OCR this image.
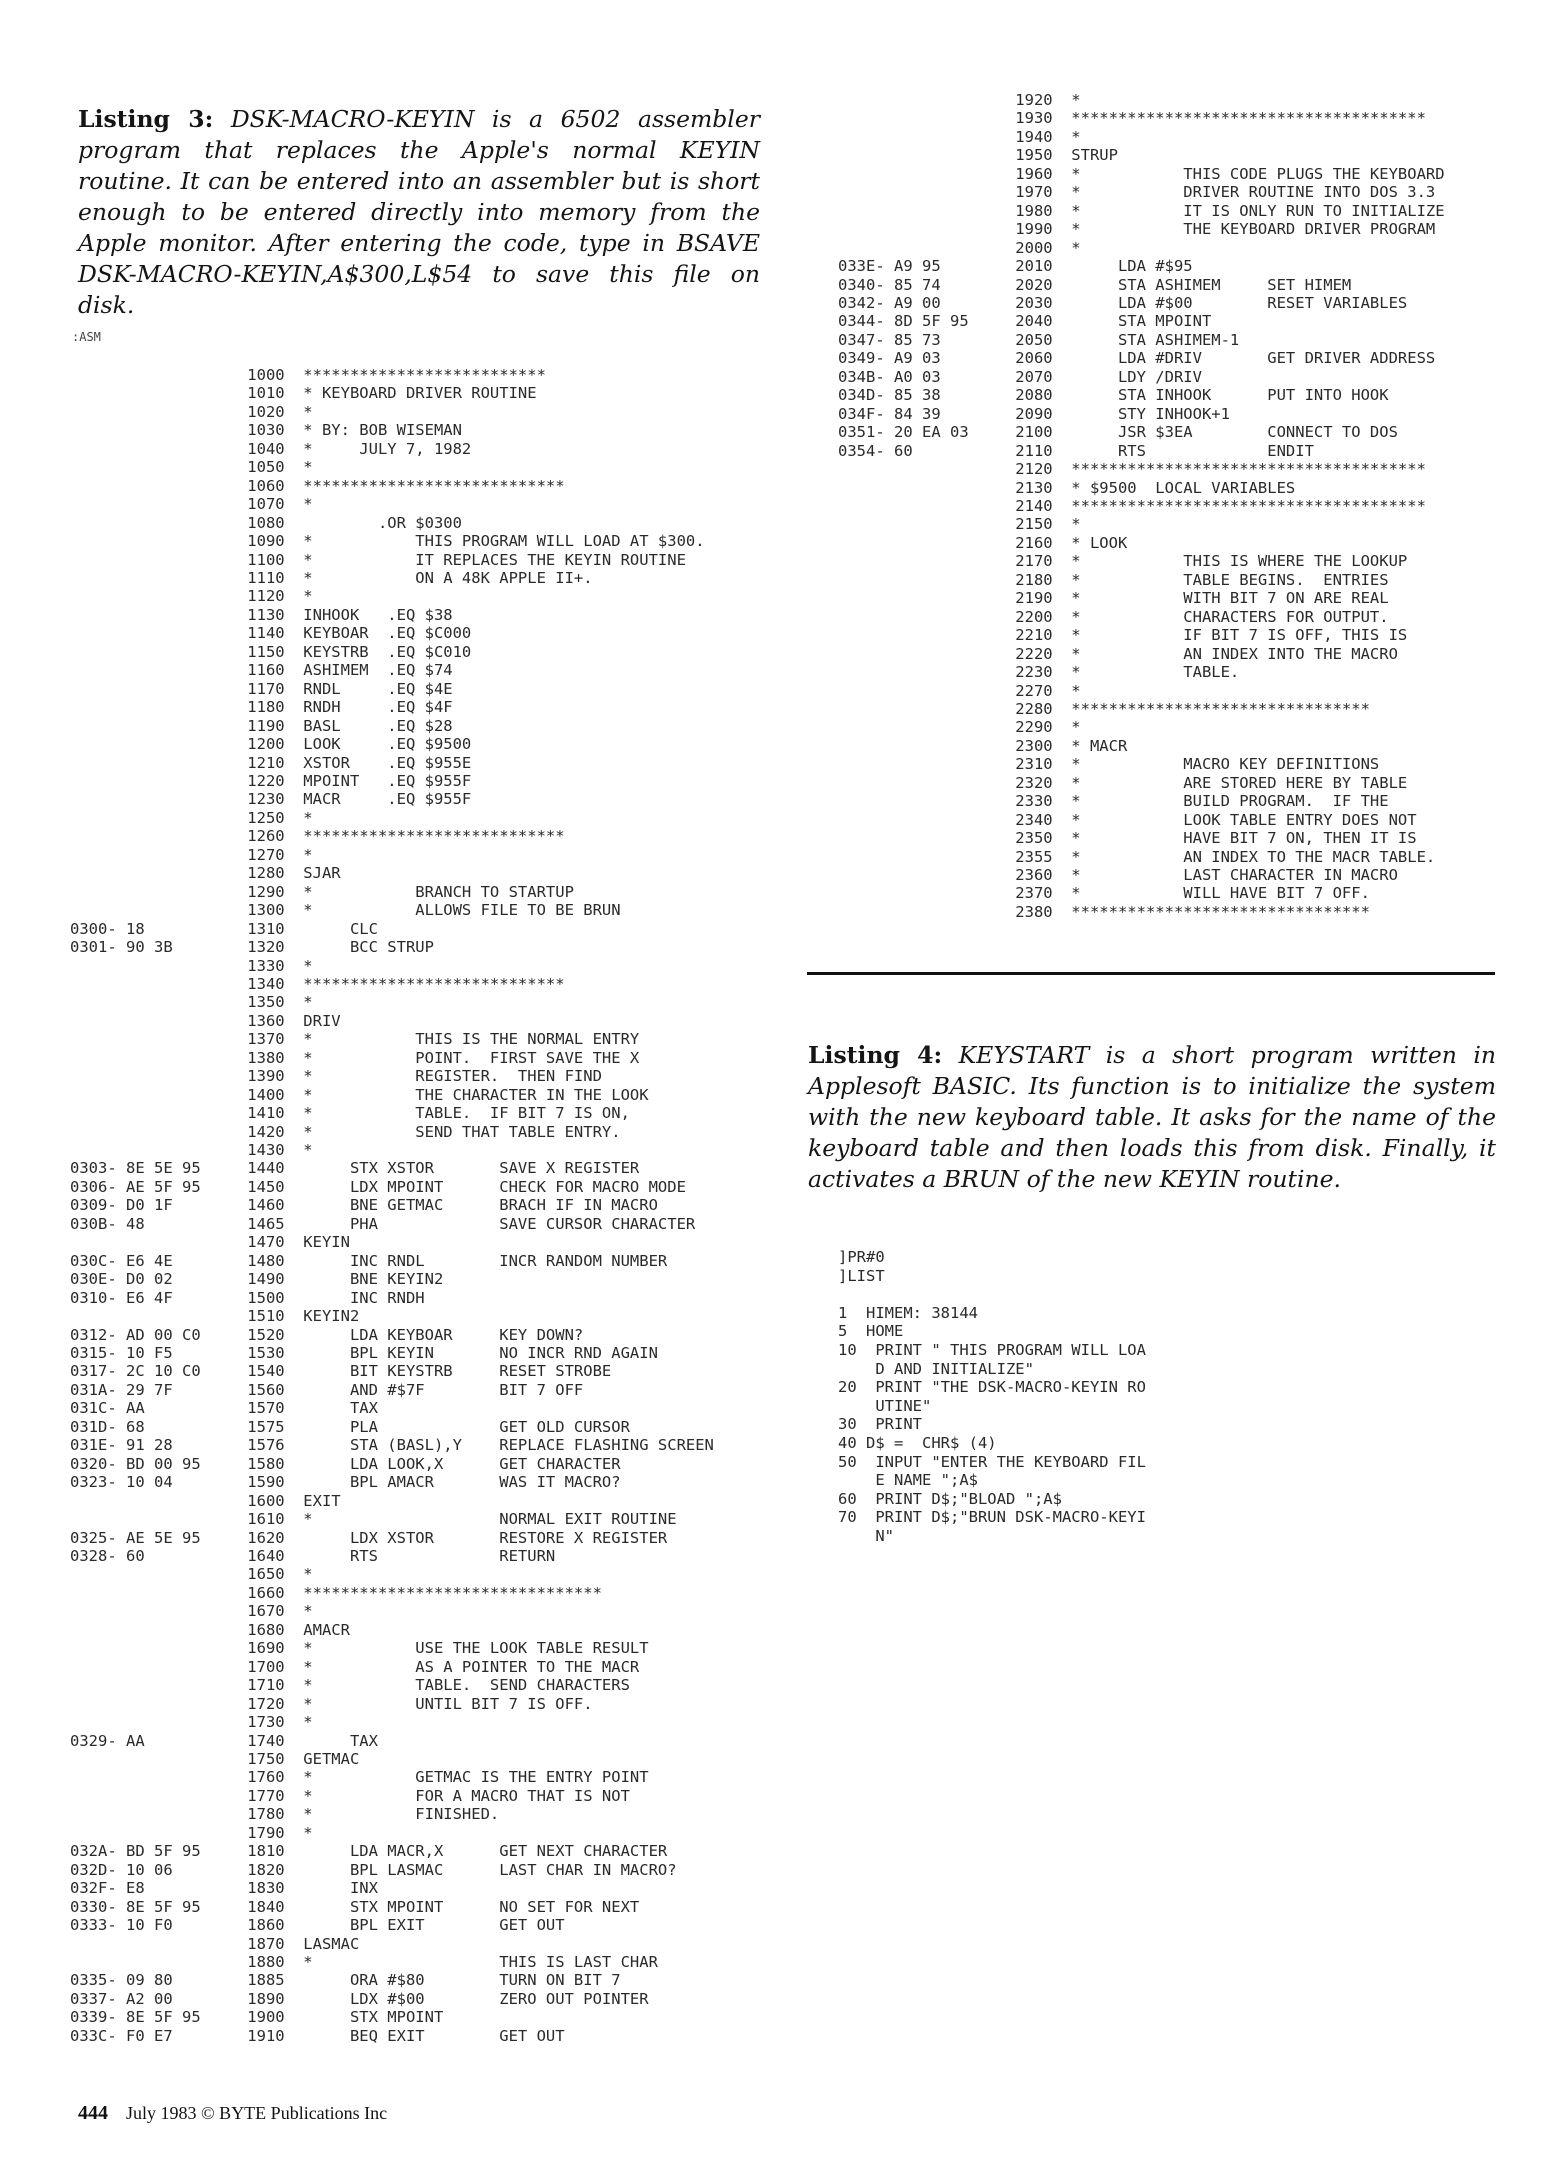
Listing 3: DSK-MACRO-KEYIN is a 6502 assembler program that replaces the Apple's normal KEYIN routine. It can be entered into an assembler but is short enough to be entered directly into memory from the Apple monitor. After entering the code, type in BSAVE DSK-MACRO-KEYIN,A$300,L$54 to save this file on disk.
:ASM
1000  **************************
1010  * KEYBOARD DRIVER ROUTINE
1020  *
1030  * BY: BOB WISEMAN
1040  *     JULY 7, 1982
1050  *
1060  ****************************
1070  *
1080          .OR $0300
1090  *           THIS PROGRAM WILL LOAD AT $300.
1100  *           IT REPLACES THE KEYIN ROUTINE
1110  *           ON A 48K APPLE II+.
1120  *
1130  INHOOK   .EQ $38
1140  KEYBOAR  .EQ $C000
1150  KEYSTRB  .EQ $C010
1160  ASHIMEM  .EQ $74
1170  RNDL     .EQ $4E
1180  RNDH     .EQ $4F
1190  BASL     .EQ $28
1200  LOOK     .EQ $9500
1210  XSTOR    .EQ $955E
1220  MPOINT   .EQ $955F
1230  MACR     .EQ $955F
1250  *
1260  ****************************
1270  *
1280  SJAR
1290  *           BRANCH TO STARTUP
1300  *           ALLOWS FILE TO BE BRUN
0300- 18           1310       CLC
0301- 90 3B        1320       BCC STRUP
1330  *
1340  ****************************
1350  *
1360  DRIV
1370  *           THIS IS THE NORMAL ENTRY
1380  *           POINT.  FIRST SAVE THE X
1390  *           REGISTER.  THEN FIND
1400  *           THE CHARACTER IN THE LOOK
1410  *           TABLE.  IF BIT 7 IS ON,
1420  *           SEND THAT TABLE ENTRY.
1430  *
0303- 8E 5E 95     1440       STX XSTOR       SAVE X REGISTER
0306- AE 5F 95     1450       LDX MPOINT      CHECK FOR MACRO MODE
0309- D0 1F        1460       BNE GETMAC      BRACH IF IN MACRO
030B- 48           1465       PHA             SAVE CURSOR CHARACTER
1470  KEYIN
030C- E6 4E        1480       INC RNDL        INCR RANDOM NUMBER
030E- D0 02        1490       BNE KEYIN2
0310- E6 4F        1500       INC RNDH
1510  KEYIN2
0312- AD 00 C0     1520       LDA KEYBOAR     KEY DOWN?
0315- 10 F5        1530       BPL KEYIN       NO INCR RND AGAIN
0317- 2C 10 C0     1540       BIT KEYSTRB     RESET STROBE
031A- 29 7F        1560       AND #$7F        BIT 7 OFF
031C- AA           1570       TAX
031D- 68           1575       PLA             GET OLD CURSOR
031E- 91 28        1576       STA (BASL),Y    REPLACE FLASHING SCREEN
0320- BD 00 95     1580       LDA LOOK,X      GET CHARACTER
0323- 10 04        1590       BPL AMACR       WAS IT MACRO?
1600  EXIT
1610  *                    NORMAL EXIT ROUTINE
0325- AE 5E 95     1620       LDX XSTOR       RESTORE X REGISTER
0328- 60           1640       RTS             RETURN
1650  *
1660  ********************************
1670  *
1680  AMACR
1690  *           USE THE LOOK TABLE RESULT
1700  *           AS A POINTER TO THE MACR
1710  *           TABLE.  SEND CHARACTERS
1720  *           UNTIL BIT 7 IS OFF.
1730  *
0329- AA           1740       TAX
1750  GETMAC
1760  *           GETMAC IS THE ENTRY POINT
1770  *           FOR A MACRO THAT IS NOT
1780  *           FINISHED.
1790  *
032A- BD 5F 95     1810       LDA MACR,X      GET NEXT CHARACTER
032D- 10 06        1820       BPL LASMAC      LAST CHAR IN MACRO?
032F- E8           1830       INX
0330- 8E 5F 95     1840       STX MPOINT      NO SET FOR NEXT
0333- 10 F0        1860       BPL EXIT        GET OUT
1870  LASMAC
1880  *                    THIS IS LAST CHAR
0335- 09 80        1885       ORA #$80        TURN ON BIT 7
0337- A2 00        1890       LDX #$00        ZERO OUT POINTER
0339- 8E 5F 95     1900       STX MPOINT
033C- F0 E7        1910       BEQ EXIT        GET OUT
1920  *
1930  **************************************
1940  *
1950  STRUP
1960  *           THIS CODE PLUGS THE KEYBOARD
1970  *           DRIVER ROUTINE INTO DOS 3.3
1980  *           IT IS ONLY RUN TO INITIALIZE
1990  *           THE KEYBOARD DRIVER PROGRAM
2000  *
033E- A9 95        2010       LDA #$95
0340- 85 74        2020       STA ASHIMEM     SET HIMEM
0342- A9 00        2030       LDA #$00        RESET VARIABLES
0344- 8D 5F 95     2040       STA MPOINT
0347- 85 73        2050       STA ASHIMEM-1
0349- A9 03        2060       LDA #DRIV       GET DRIVER ADDRESS
034B- A0 03        2070       LDY /DRIV
034D- 85 38        2080       STA INHOOK      PUT INTO HOOK
034F- 84 39        2090       STY INHOOK+1
0351- 20 EA 03     2100       JSR $3EA        CONNECT TO DOS
0354- 60           2110       RTS             ENDIT
2120  **************************************
2130  * $9500  LOCAL VARIABLES
2140  **************************************
2150  *
2160  * LOOK
2170  *           THIS IS WHERE THE LOOKUP
2180  *           TABLE BEGINS.  ENTRIES
2190  *           WITH BIT 7 ON ARE REAL
2200  *           CHARACTERS FOR OUTPUT.
2210  *           IF BIT 7 IS OFF, THIS IS
2220  *           AN INDEX INTO THE MACRO
2230  *           TABLE.
2270  *
2280  ********************************
2290  *
2300  * MACR
2310  *           MACRO KEY DEFINITIONS
2320  *           ARE STORED HERE BY TABLE
2330  *           BUILD PROGRAM.  IF THE
2340  *           LOOK TABLE ENTRY DOES NOT
2350  *           HAVE BIT 7 ON, THEN IT IS
2355  *           AN INDEX TO THE MACR TABLE.
2360  *           LAST CHARACTER IN MACRO
2370  *           WILL HAVE BIT 7 OFF.
2380  ********************************
Listing 4: KEYSTART is a short program written in Applesoft BASIC. Its function is to initialize the system with the new keyboard table. It asks for the name of the keyboard table and then loads this from disk. Finally, it activates a BRUN of the new KEYIN routine.
]PR#0
]LIST

1  HIMEM: 38144
5  HOME
10  PRINT " THIS PROGRAM WILL LOA
D AND INITIALIZE"
20  PRINT "THE DSK-MACRO-KEYIN RO
UTINE"
30  PRINT
40 D$ =  CHR$ (4)
50  INPUT "ENTER THE KEYBOARD FIL
E NAME ";A$
60  PRINT D$;"BLOAD ";A$
70  PRINT D$;"BRUN DSK-MACRO-KEYI
N"
444 July 1983 © BYTE Publications Inc
